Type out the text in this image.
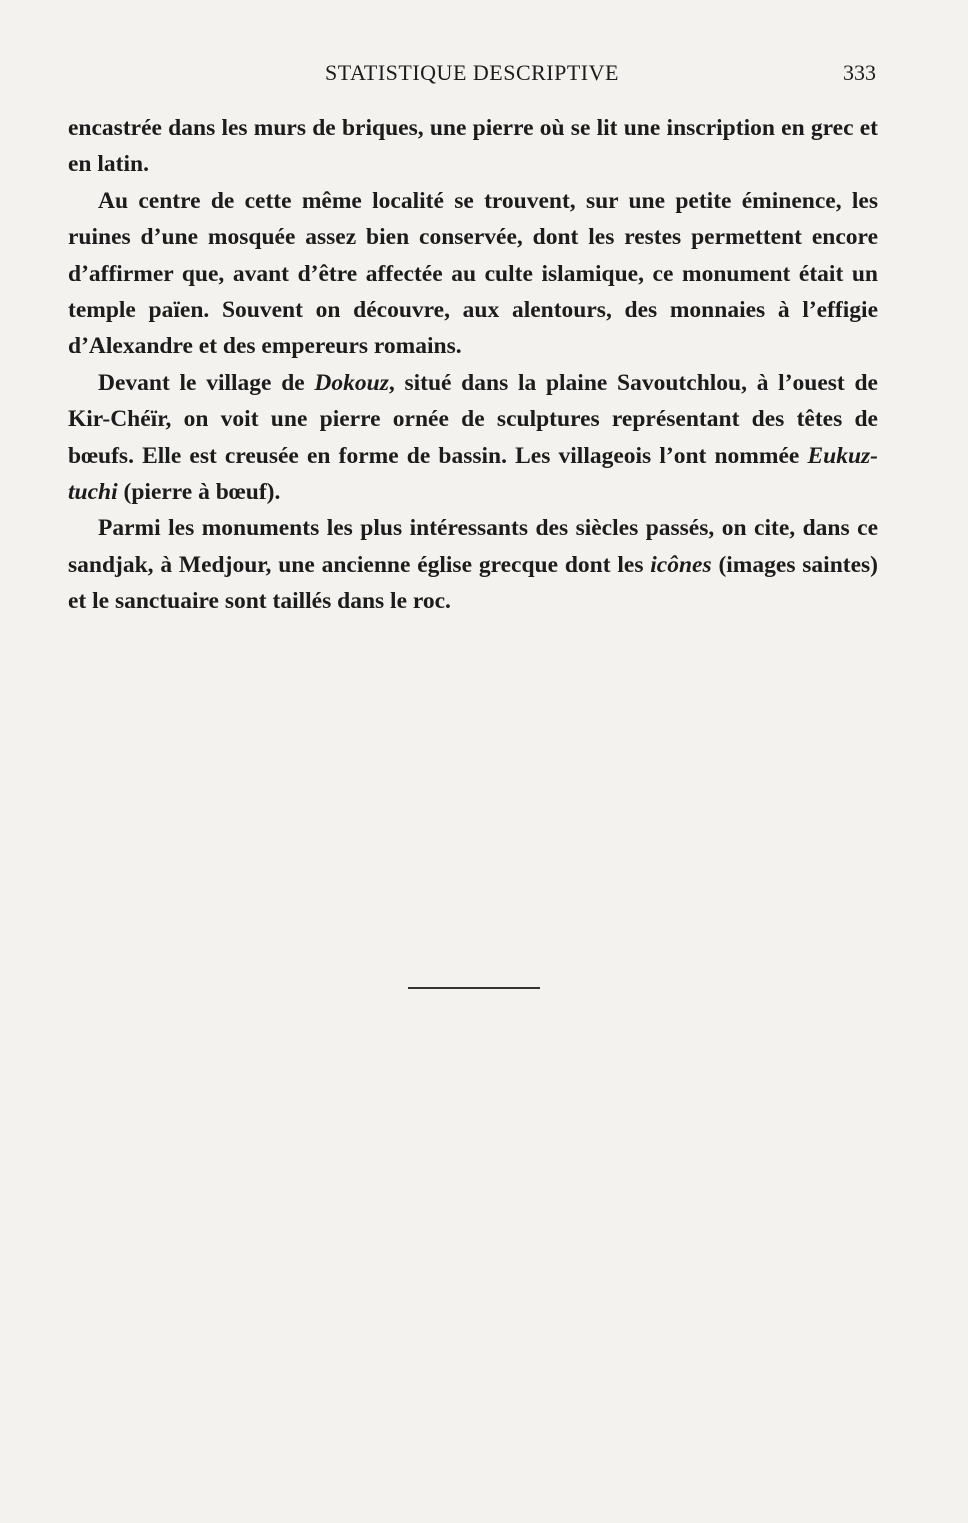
STATISTIQUE DESCRIPTIVE	333

encastrée dans les murs de briques, une pierre où se lit une inscription en grec et en latin.

Au centre de cette même localité se trouvent, sur une petite éminence, les ruines d’une mosquée assez bien conservée, dont les restes permettent encore d’affirmer que, avant d’être affectée au culte islamique, ce monument était un temple païen. Souvent on découvre, aux alentours, des monnaies à l’effigie d’Alexandre et des empereurs romains.

Devant le village de Dokouz, situé dans la plaine Savoutchlou, à l’ouest de Kir-Chéïr, on voit une pierre ornée de sculptures représentant des têtes de bœufs. Elle est creusée en forme de bassin. Les villageois l’ont nommée Eukuz-tuchi (pierre à bœuf).

Parmi les monuments les plus intéressants des siècles passés, on cite, dans ce sandjak, à Medjour, une ancienne église grecque dont les icônes (images saintes) et le sanctuaire sont taillés dans le roc.
